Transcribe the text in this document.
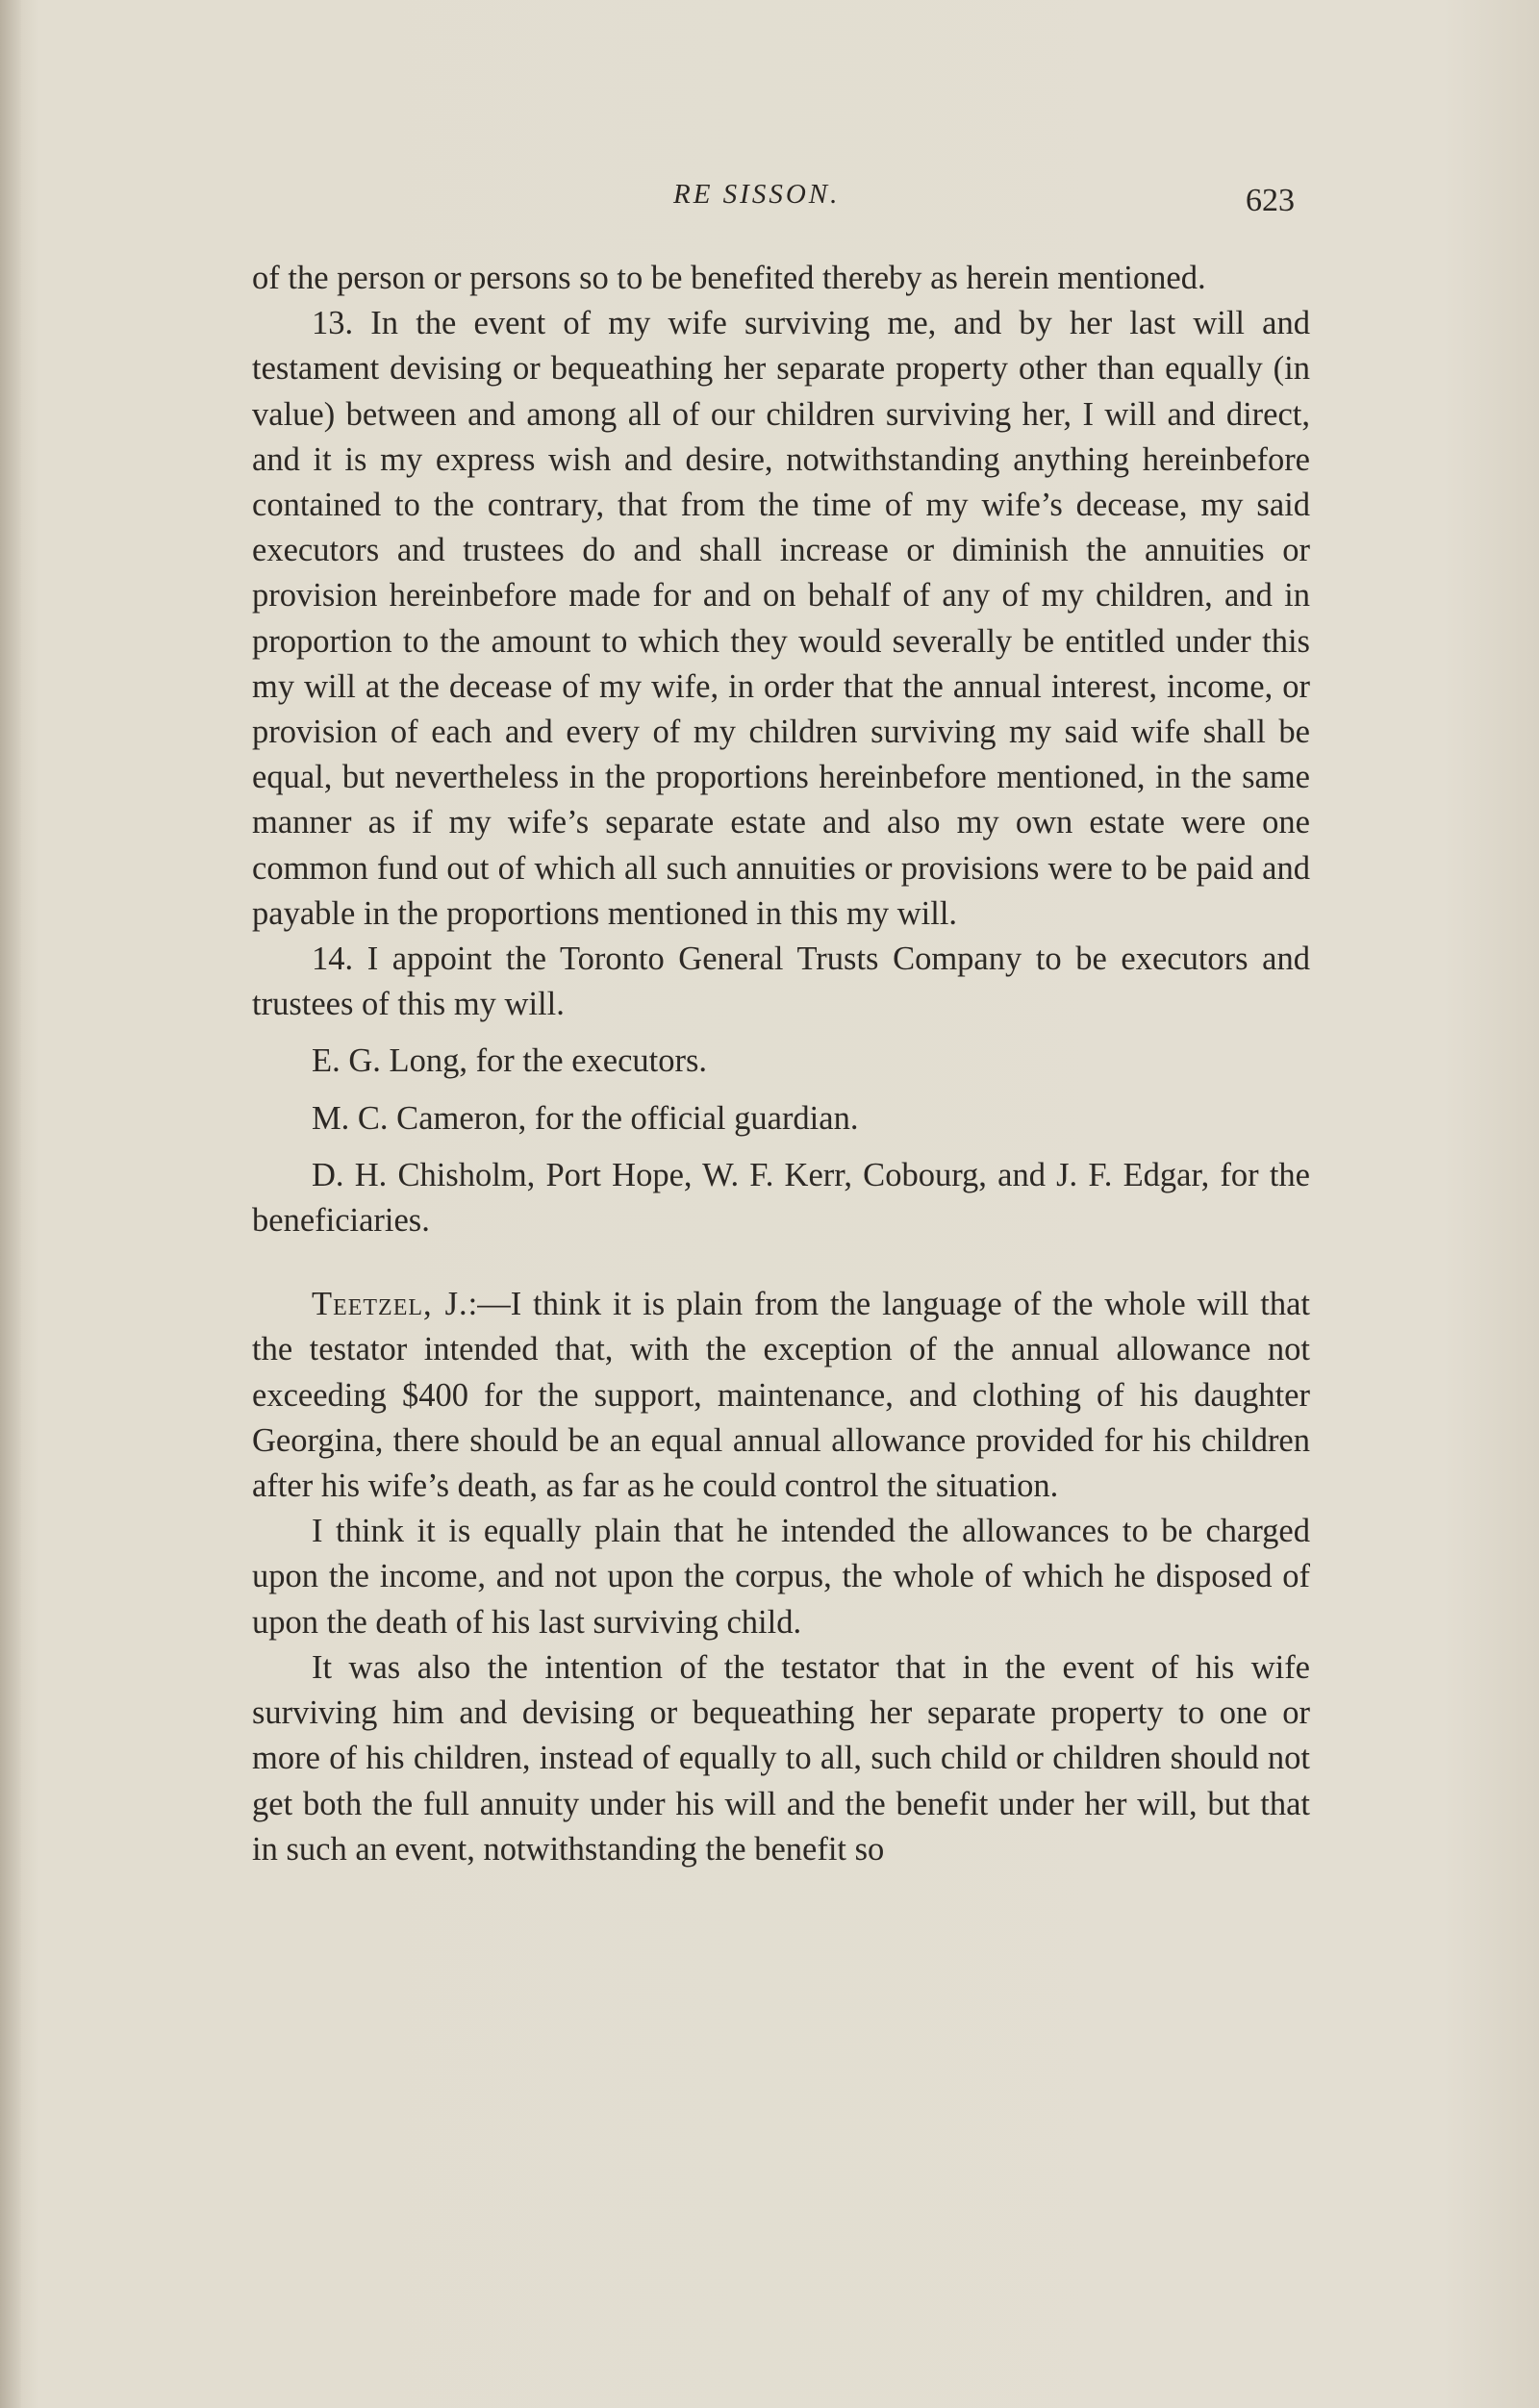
RE SISSON.	623

of the person or persons so to be benefited thereby as herein mentioned.

13. In the event of my wife surviving me, and by her last will and testament devising or bequeathing her separate property other than equally (in value) between and among all of our children surviving her, I will and direct, and it is my express wish and desire, notwithstanding anything hereinbefore contained to the contrary, that from the time of my wife’s decease, my said executors and trustees do and shall increase or diminish the annuities or provision hereinbefore made for and on behalf of any of my children, and in proportion to the amount to which they would severally be entitled under this my will at the decease of my wife, in order that the annual interest, income, or provision of each and every of my children surviving my said wife shall be equal, but nevertheless in the proportions hereinbefore mentioned, in the same manner as if my wife’s separate estate and also my own estate were one common fund out of which all such annuities or provisions were to be paid and payable in the proportions mentioned in this my will.

14. I appoint the Toronto General Trusts Company to be executors and trustees of this my will.

E. G. Long, for the executors.

M. C. Cameron, for the official guardian.

D. H. Chisholm, Port Hope, W. F. Kerr, Cobourg, and J. F. Edgar, for the beneficiaries.

Teetzel, J.:—I think it is plain from the language of the whole will that the testator intended that, with the exception of the annual allowance not exceeding $400 for the support, maintenance, and clothing of his daughter Georgina, there should be an equal annual allowance provided for his children after his wife’s death, as far as he could control the situation.

I think it is equally plain that he intended the allowances to be charged upon the income, and not upon the corpus, the whole of which he disposed of upon the death of his last surviving child.

It was also the intention of the testator that in the event of his wife surviving him and devising or bequeathing her separate property to one or more of his children, instead of equally to all, such child or children should not get both the full annuity under his will and the benefit under her will, but that in such an event, notwithstanding the benefit so
